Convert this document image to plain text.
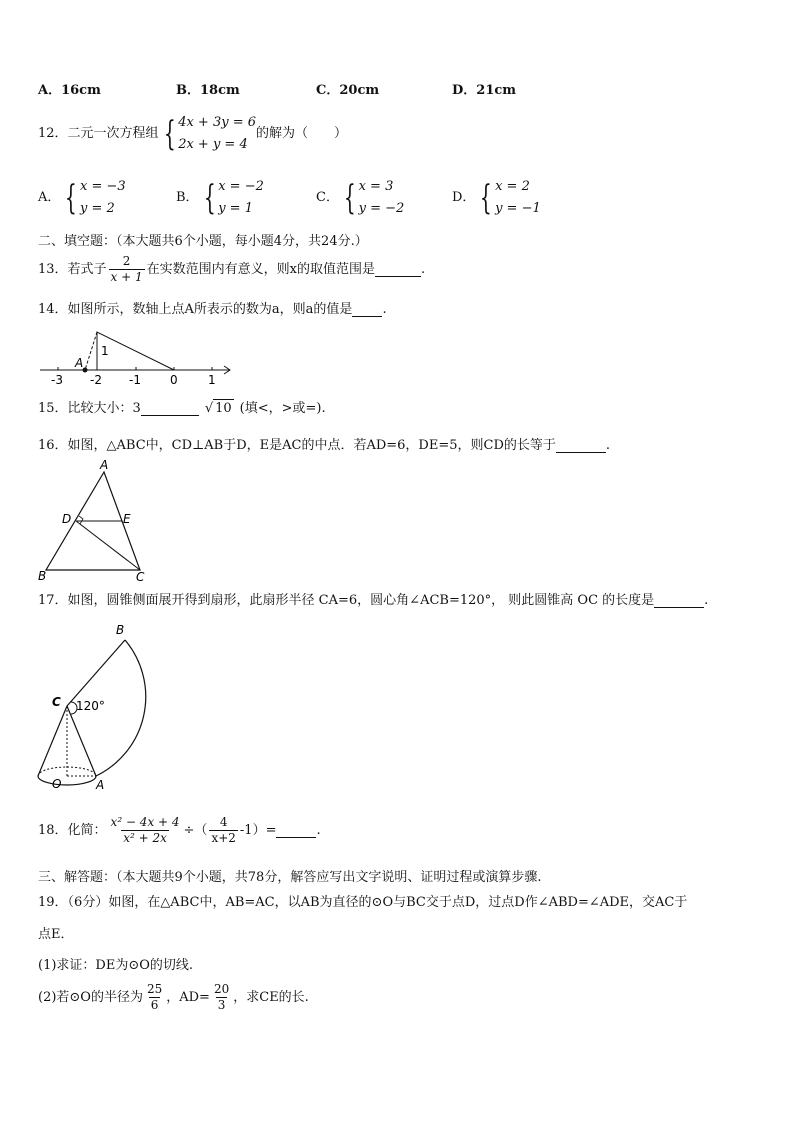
A．16cm	B．18cm	C．20cm	D．21cm
12．二元一次方程组 { 4x + 3y = 6
2x + y = 4
的解为（　　）
A． { x = −3
y = 2
B． { x = −2
y = 1
C． { x = 3
y = −2
D． { x = 2
y = −1
二、填空题：（本大题共6个小题，每小题4分，共24分.）
13．若式子 $\frac{2}{x + 1}$ 在实数范围内有意义，则x的取值范围是	.
14．如图所示，数轴上点A所表示的数为a，则a的值是 .
A
1
-3 -2 -1 0	1
15．比较大小：3	√ 10 (填<，>或=).
16．如图，△ABC中，CD⊥AB于D，E是AC的中点．若AD=6，DE=5，则CD的长等于	.
A
B	C
D	E
17．如图，圆锥侧面展开得到扇形，此扇形半径 CA=6，圆心角∠ACB=120°， 则此圆锥高 OC 的长度是	.
B
C 120°
O	A
18．化简： $\frac{\text{x² − 4x + 4}}{\text{x² + 2x}}$ ÷（ $\frac{4}{x+2} -1)=$	.
三、解答题：（本大题共9个小题，共78分，解答应写出文字说明、证明过程或演算步骤.
19．（6分）如图，在△ABC中，AB=AC，以AB为直径的⊙O与BC交于点D，过点D作∠ABD=∠ADE，交AC于
点E．
(1)求证：DE为⊙O的切线.
(2)若⊙O的半径为 $\frac{25}{6}$ ，$AD= \frac{20}{3}$ ，求CE的长.
